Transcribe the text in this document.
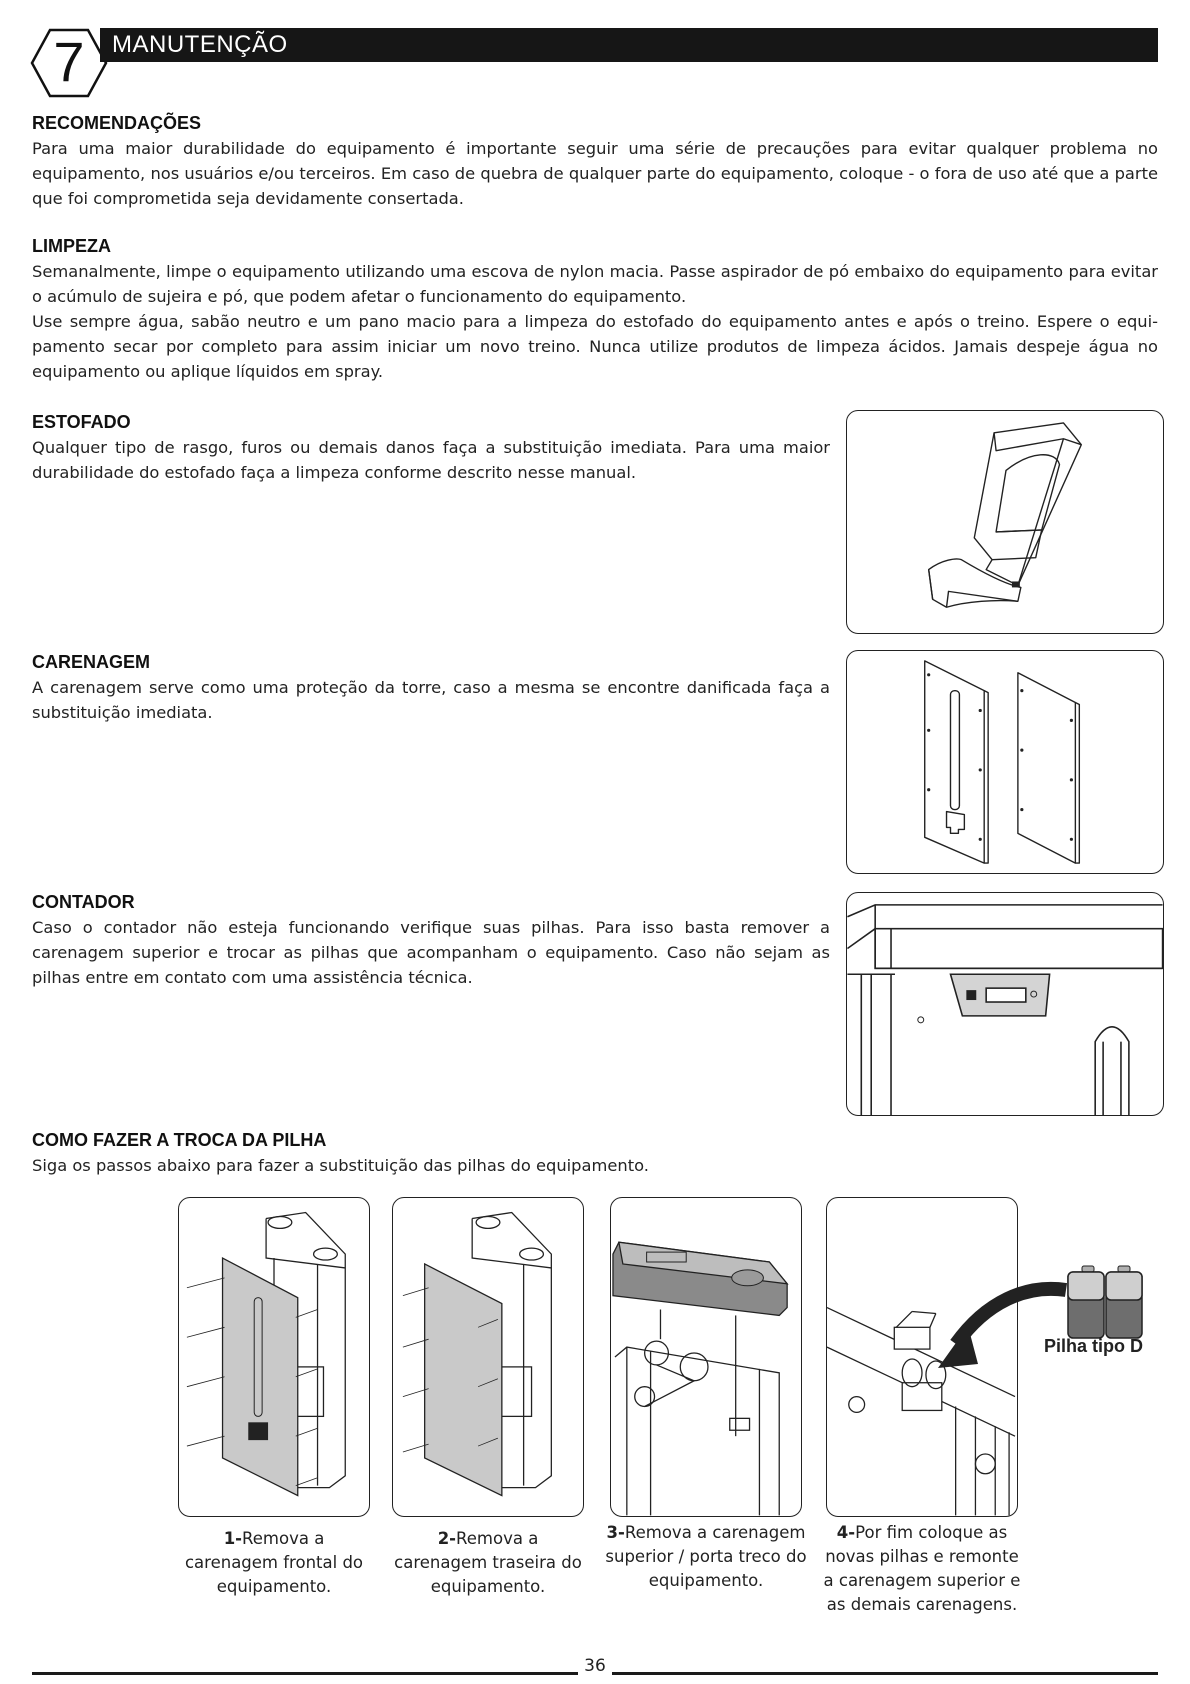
7	MANUTENÇÃO
RECOMENDAÇÕES

Para uma maior durabilidade do equipamento é importante seguir uma série de precauções para evitar qualquer problema no equipamento, nos usuários e/ou terceiros. Em caso de quebra de qualquer parte do equipamento, coloque - o fora de uso até que a parte que foi comprometida seja devidamente consertada.

LIMPEZA

Semanalmente, limpe o equipamento utilizando uma escova de nylon macia. Passe aspirador de pó embaixo do equipamento para evitar o acúmulo de sujeira e pó, que podem afetar o funcionamento do equipamento.

Use sempre água, sabão neutro e um pano macio para a limpeza do estofado do equipamento antes e após o treino. Espere o equi-pamento secar por completo para assim iniciar um novo treino. Nunca utilize produtos de limpeza ácidos. Jamais despeje água no equipamento ou aplique líquidos em spray.

ESTOFADO

Qualquer tipo de rasgo, furos ou demais danos faça a substituição imediata. Para uma maior durabilidade do estofado faça a limpeza conforme descrito nesse manual.

CARENAGEM

A carenagem serve como uma proteção da torre, caso a mesma se encontre danificada faça a substituição imediata.

CONTADOR

Caso o contador não esteja funcionando verifique suas pilhas. Para isso basta remover a carenagem superior e trocar as pilhas que acompanham o equipamento. Caso não sejam as pilhas entre em contato com uma assistência técnica.

COMO FAZER A TROCA DA PILHA

Siga os passos abaixo para fazer a substituição das pilhas do equipamento.

1-Remova a carenagem frontal do equipamento.

2-Remova a carenagem traseira do equipamento.

3-Remova a carenagem superior / porta treco do equipamento.

4-Por fim coloque as novas pilhas e remonte a carenagem superior e as demais carenagens.

Pilha tipo D
36
